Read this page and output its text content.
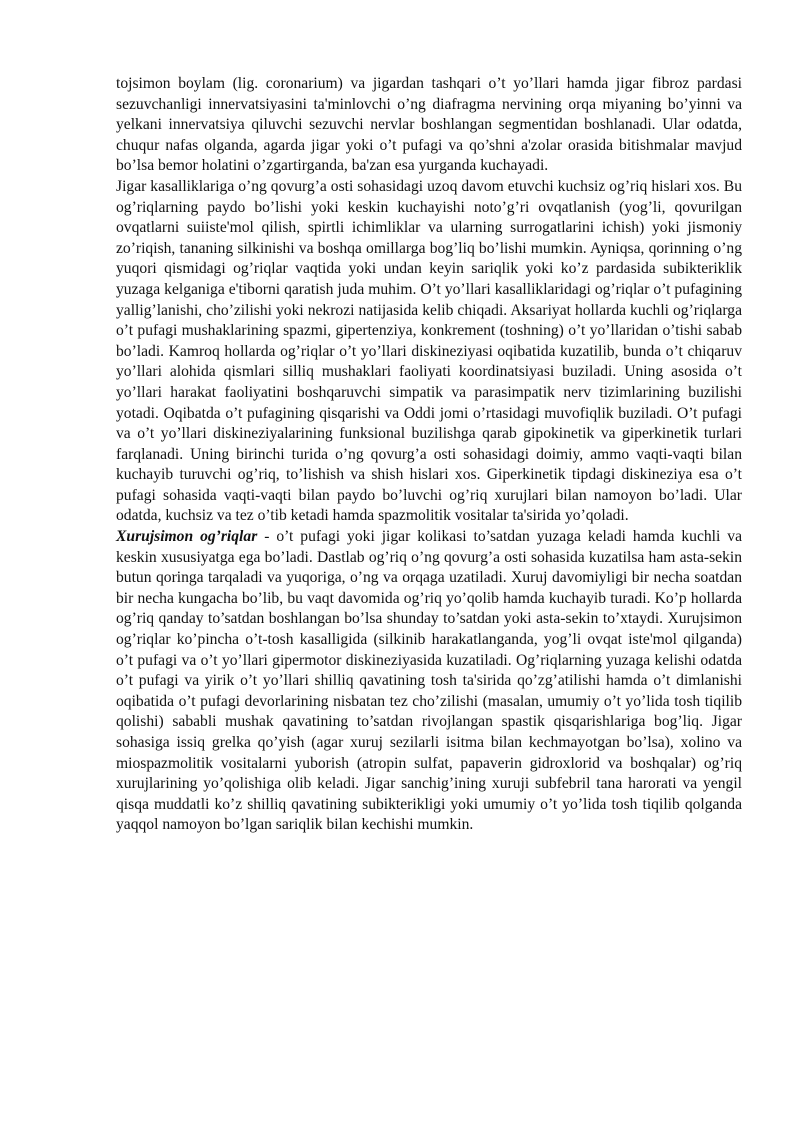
tojsimon boylam (lig. coronarium) va jigardan tashqari o’t yo’llari hamda jigar fibroz pardasi sezuvchanligi innervatsiyasini ta'minlovchi o’ng diafragma nervining orqa miyaning bo’yinni va yelkani innervatsiya qiluvchi sezuvchi nervlar boshlangan segmentidan boshlanadi. Ular odatda, chuqur nafas olganda, agarda jigar yoki o’t pufagi va qo’shni a'zolar orasida bitishmalar mavjud bo’lsa bemor holatini o’zgartirganda, ba'zan esa yurganda kuchayadi.

Jigar kasalliklariga o’ng qovurg’a osti sohasidagi uzoq davom etuvchi kuchsiz og’riq hislari xos. Bu og’riqlarning paydo bo’lishi yoki keskin kuchayishi noto’g’ri ovqatlanish (yog’li, qovurilgan ovqatlarni suiiste'mol qilish, spirtli ichimliklar va ularning surrogatlarini ichish) yoki jismoniy zo’riqish, tananing silkinishi va boshqa omillarga bog’liq bo’lishi mumkin. Ayniqsa, qorinning o’ng yuqori qismidagi og’riqlar vaqtida yoki undan keyin sariqlik yoki ko’z pardasida subikteriklik yuzaga kelganiga e'tiborni qaratish juda muhim. O’t yo’llari kasalliklaridagi og’riqlar o’t pufagining yallig’lanishi, cho’zilishi yoki nekrozi natijasida kelib chiqadi. Aksariyat hollarda kuchli og’riqlarga o’t pufagi mushaklarining spazmi, gipertenziya, konkrement (toshning) o’t yo’llaridan o’tishi sabab bo’ladi. Kamroq hollarda og’riqlar o’t yo’llari diskineziyasi oqibatida kuzatilib, bunda o’t chiqaruv yo’llari alohida qismlari silliq mushaklari faoliyati koordinatsiyasi buziladi. Uning asosida o’t yo’llari harakat faoliyatini boshqaruvchi simpatik va parasimpatik nerv tizimlarining buzilishi yotadi. Oqibatda o’t pufagining qisqarishi va Oddi jomi o’rtasidagi muvofiqlik buziladi. O’t pufagi va o’t yo’llari diskineziyalarining funksional buzilishga qarab gipokinetik va giperkinetik turlari farqlanadi. Uning birinchi turida o’ng qovurg’a osti sohasidagi doimiy, ammo vaqti-vaqti bilan kuchayib turuvchi og’riq, to’lishish va shish hislari xos. Giperkinetik tipdagi diskineziya esa o’t pufagi sohasida vaqti-vaqti bilan paydo bo’luvchi og’riq xurujlari bilan namoyon bo’ladi. Ular odatda, kuchsiz va tez o’tib ketadi hamda spazmolitik vositalar ta'sirida yo’qoladi.

Xurujsimon og’riqlar - o’t pufagi yoki jigar kolikasi to’satdan yuzaga keladi hamda kuchli va keskin xususiyatga ega bo’ladi. Dastlab og’riq o’ng qovurg’a osti sohasida kuzatilsa ham asta-sekin butun qoringa tarqaladi va yuqoriga, o’ng va orqaga uzatiladi. Xuruj davomiyligi bir necha soatdan bir necha kungacha bo’lib, bu vaqt davomida og’riq yo’qolib hamda kuchayib turadi. Ko’p hollarda og’riq qanday to’satdan boshlangan bo’lsa shunday to’satdan yoki asta-sekin to’xtaydi. Xurujsimon og’riqlar ko’pincha o’t-tosh kasalligida (silkinib harakatlanganda, yog’li ovqat iste'mol qilganda) o’t pufagi va o’t yo’llari gipermotor diskineziyasida kuzatiladi. Og’riqlarning yuzaga kelishi odatda o’t pufagi va yirik o’t yo’llari shilliq qavatining tosh ta'sirida qo’zg’atilishi hamda o’t dimlanishi oqibatida o’t pufagi devorlarining nisbatan tez cho’zilishi (masalan, umumiy o’t yo’lida tosh tiqilib qolishi) sababli mushak qavatining to’satdan rivojlangan spastik qisqarishlariga bog’liq. Jigar sohasiga issiq grelka qo’yish (agar xuruj sezilarli isitma bilan kechmayotgan bo’lsa), xolino va miospazmolitik vositalarni yuborish (atropin sulfat, papaverin gidroxlorid va boshqalar) og’riq xurujlarining yo’qolishiga olib keladi. Jigar sanchig’ining xuruji subfebril tana harorati va yengil qisqa muddatli ko’z shilliq qavatining subikterikligi yoki umumiy o’t yo’lida tosh tiqilib qolganda yaqqol namoyon bo’lgan sariqlik bilan kechishi mumkin.
